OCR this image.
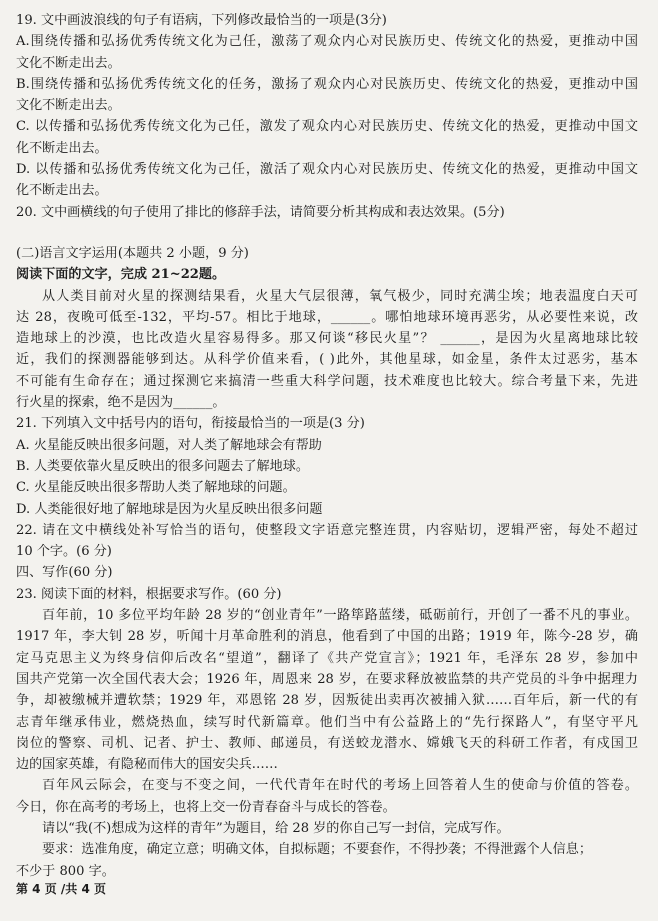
19. 文中画波浪线的句子有语病，下列修改最恰当的一项是(3分)
A.围绕传播和弘扬优秀传统文化为己任，激荡了观众内心对民族历史、传统文化的热爱，更推动中国
文化不断走出去。
B.围绕传播和弘扬优秀传统文化的任务，激扬了观众内心对民族历史、传统文化的热爱，更推动中国
文化不断走出去。
C. 以传播和弘扬优秀传统文化为己任，激发了观众内心对民族历史、传统文化的热爱，更推动中国文
化不断走出去。
D. 以传播和弘扬优秀传统文化为己任，激活了观众内心对民族历史、传统文化的热爱，更推动中国文
化不断走出去。
20. 文中画横线的句子使用了排比的修辞手法，请简要分析其构成和表达效果。(5分)
(二)语言文字运用(本题共 2 小题，9 分)
阅读下面的文字，完成 21~22题。
从人类目前对火星的探测结果看，火星大气层很薄，氧气极少，同时充满尘埃；地表温度白天可
达 28，夜晚可低至-132，平均-57。相比于地球，______。哪怕地球环境再恶劣，从必要性来说，改
造地球上的沙漠，也比改造火星容易得多。那又何谈“移民火星”？ ______，是因为火星离地球比较
近，我们的探测器能够到达。从科学价值来看，( )此外，其他星球，如金星，条件太过恶劣，基本
不可能有生命存在；通过探测它来搞清一些重大科学问题，技术难度也比较大。综合考量下来，先进
行火星的探索，绝不是因为______。
21. 下列填入文中括号内的语句，衔接最恰当的一项是(3 分)
A. 火星能反映出很多问题，对人类了解地球会有帮助
B. 人类要依靠火星反映出的很多问题去了解地球。
C. 火星能反映出很多帮助人类了解地球的问题。
D. 人类能很好地了解地球是因为火星反映出很多问题
22. 请在文中横线处补写恰当的语句，使整段文字语意完整连贯，内容贴切，逻辑严密，每处不超过
10 个字。(6 分)
四、写作(60 分)
23. 阅读下面的材料，根据要求写作。(60 分)
百年前，10 多位平均年龄 28 岁的“创业青年”一路筚路蓝缕，砥砺前行，开创了一番不凡的事业。
1917 年，李大钊 28 岁，听闻十月革命胜利的消息，他看到了中国的出路；1919 年，陈今-28 岁，确
定马克思主义为终身信仰后改名“望道”，翻译了《共产党宣言》；1921 年，毛泽东 28 岁，参加中
国共产党第一次全国代表大会；1926 年，周恩来 28 岁，在要求释放被监禁的共产党员的斗争中据理力
争，却被缴械并遭软禁；1929 年，邓恩铭 28 岁，因叛徒出卖再次被捕入狱……百年后，新一代的有
志青年继承伟业，燃烧热血，续写时代新篇章。他们当中有公益路上的“先行探路人”，有坚守平凡
岗位的警察、司机、记者、护士、教师、邮递员，有送蛟龙潜水、嫦娥飞天的科研工作者，有戍国卫
边的国家英雄，有隐秘而伟大的国安尖兵……
百年风云际会，在变与不变之间，一代代青年在时代的考场上回答着人生的使命与价值的答卷。
今日，你在高考的考场上，也将上交一份青春奋斗与成长的答卷。
请以“我(不)想成为这样的青年”为题目，给 28 岁的你自己写一封信，完成写作。
要求：选准角度，确定立意；明确文体，自拟标题；不要套作，不得抄袭；不得泄露个人信息；
不少于 800 字。
第 4 页 /共 4 页
